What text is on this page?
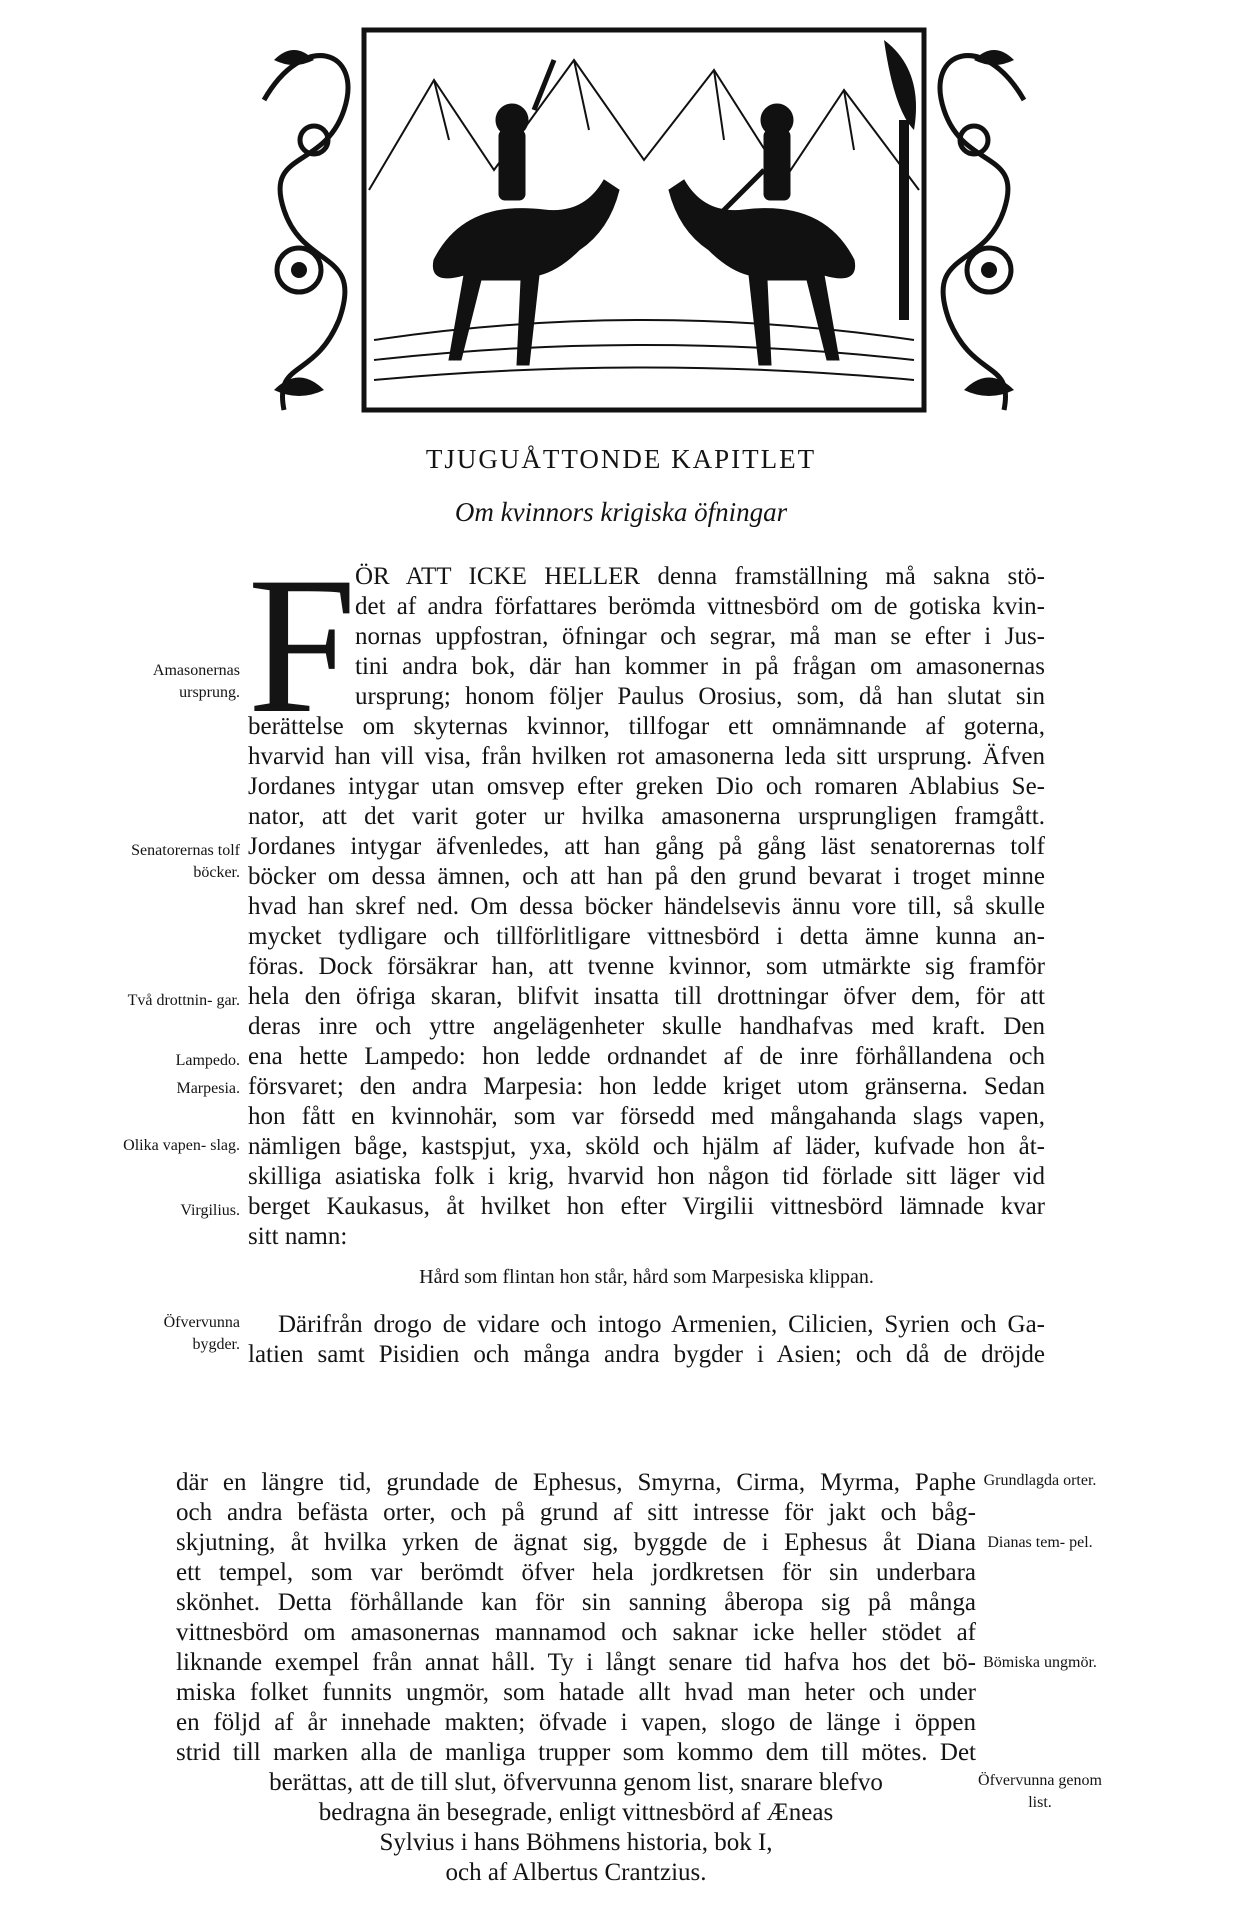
TJUGUÅTTONDE KAPITLET
Om kvinnors krigiska öfningar
F
ÖR ATT ICKE HELLER denna framställning må sakna stö-
det af andra författares berömda vittnesbörd om de gotiska kvin-
nornas uppfostran, öfningar och segrar, må man se efter i Jus-
tini andra bok, där han kommer in på frågan om amasonernas
ursprung; honom följer Paulus Orosius, som, då han slutat sin
berättelse om skyternas kvinnor, tillfogar ett omnämnande af goterna,
hvarvid han vill visa, från hvilken rot amasonerna leda sitt ursprung. Äfven
Jordanes intygar utan omsvep efter greken Dio och romaren Ablabius Se-
nator, att det varit goter ur hvilka amasonerna ursprungligen framgått.
Jordanes intygar äfvenledes, att han gång på gång läst senatorernas tolf
böcker om dessa ämnen, och att han på den grund bevarat i troget minne
hvad han skref ned. Om dessa böcker händelsevis ännu vore till, så skulle
mycket tydligare och tillförlitligare vittnesbörd i detta ämne kunna an-
föras. Dock försäkrar han, att tvenne kvinnor, som utmärkte sig framför
hela den öfriga skaran, blifvit insatta till drottningar öfver dem, för att
deras inre och yttre angelägenheter skulle handhafvas med kraft. Den
ena hette Lampedo: hon ledde ordnandet af de inre förhållandena och
försvaret; den andra Marpesia: hon ledde kriget utom gränserna. Sedan
hon fått en kvinnohär, som var försedd med mångahanda slags vapen,
nämligen båge, kastspjut, yxa, sköld och hjälm af läder, kufvade hon åt-
skilliga asiatiska folk i krig, hvarvid hon någon tid förlade sitt läger vid
berget Kaukasus, åt hvilket hon efter Virgilii vittnesbörd lämnade kvar
sitt namn:
Hård som flintan hon står, hård som Marpesiska klippan.
Därifrån drogo de vidare och intogo Armenien, Cilicien, Syrien och Ga-
latien samt Pisidien och många andra bygder i Asien; och då de dröjde
där en längre tid, grundade de Ephesus, Smyrna, Cirma, Myrma, Paphe
och andra befästa orter, och på grund af sitt intresse för jakt och båg-
skjutning, åt hvilka yrken de ägnat sig, byggde de i Ephesus åt Diana
ett tempel, som var berömdt öfver hela jordkretsen för sin underbara
skönhet. Detta förhållande kan för sin sanning åberopa sig på många
vittnesbörd om amasonernas mannamod och saknar icke heller stödet af
liknande exempel från annat håll. Ty i långt senare tid hafva hos det bö-
miska folket funnits ungmör, som hatade allt hvad man heter och under
en följd af år innehade makten; öfvade i vapen, slogo de länge i öppen
strid till marken alla de manliga trupper som kommo dem till mötes. Det
berättas, att de till slut, öfvervunna genom list, snarare blefvo
bedragna än besegrade, enligt vittnesbörd af Æneas
Sylvius i hans Böhmens historia, bok I,
och af Albertus Crantzius.
Amasonernas ursprung.
Senatorernas tolf böcker.
Två drottnin- gar.
Lampedo.
Marpesia.
Olika vapen- slag.
Virgilius.
Öfvervunna bygder.
Grundlagda orter.
Dianas tem- pel.
Bömiska ungmör.
Öfvervunna genom list.
